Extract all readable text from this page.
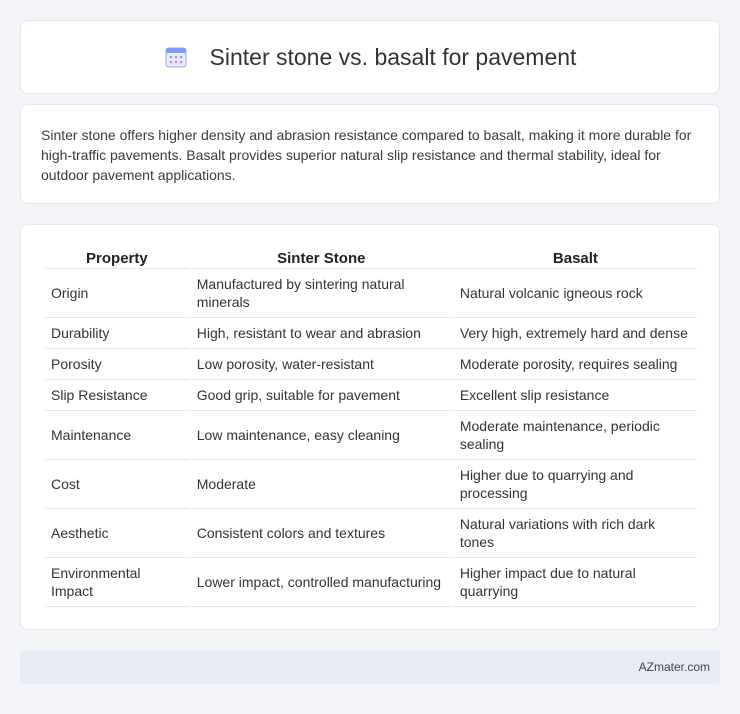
Sinter stone vs. basalt for pavement

Sinter stone offers higher density and abrasion resistance compared to basalt, making it more durable for high-traffic pavements. Basalt provides superior natural slip resistance and thermal stability, ideal for outdoor pavement applications.

Property	Sinter Stone	Basalt
Origin	Manufactured by sintering natural minerals	Natural volcanic igneous rock
Durability	High, resistant to wear and abrasion	Very high, extremely hard and dense
Porosity	Low porosity, water-resistant	Moderate porosity, requires sealing
Slip Resistance	Good grip, suitable for pavement	Excellent slip resistance
Maintenance	Low maintenance, easy cleaning	Moderate maintenance, periodic sealing
Cost	Moderate	Higher due to quarrying and processing
Aesthetic	Consistent colors and textures	Natural variations with rich dark tones
Environmental Impact	Lower impact, controlled manufacturing	Higher impact due to natural quarrying
AZmater.com
